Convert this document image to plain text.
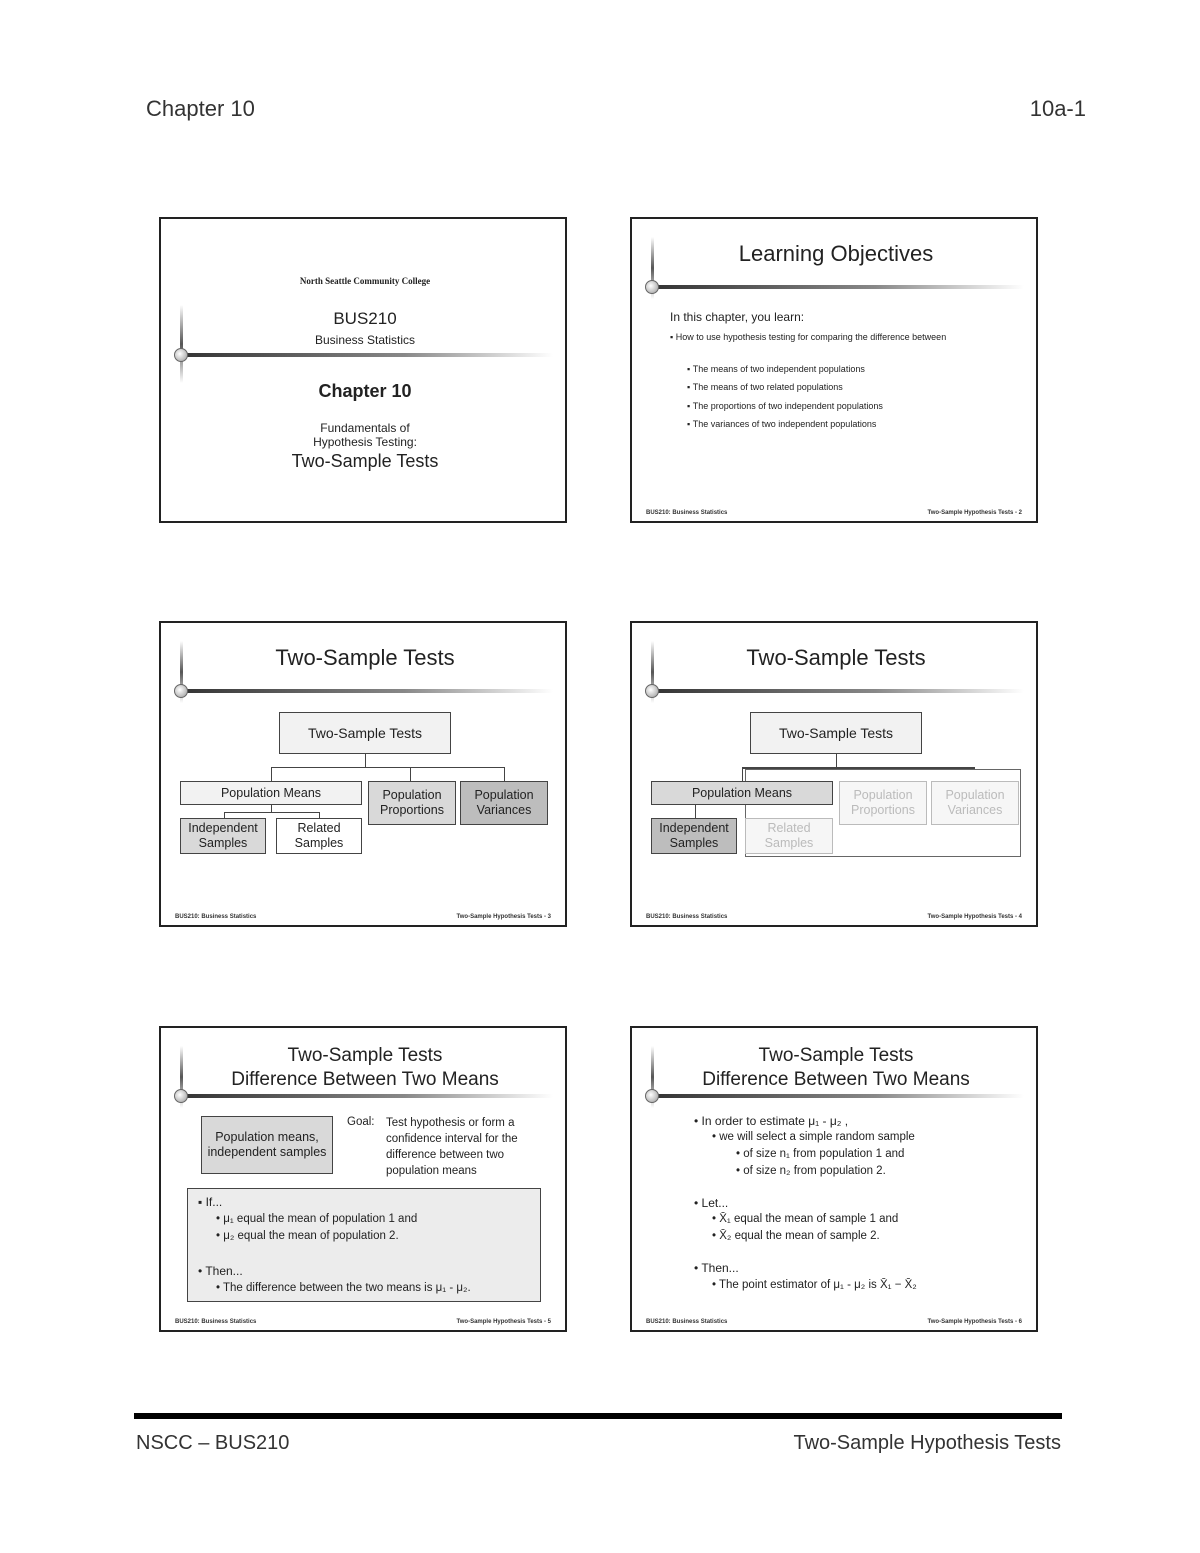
Chapter 10	10a-1
North Seattle Community College
BUS210
Business Statistics
Chapter 10
Fundamentals of
Hypothesis Testing:
Two-Sample Tests
Learning Objectives
In this chapter, you learn:
▪ How to use hypothesis testing for comparing the difference between
▪ The means of two independent populations
▪ The means of two related populations
▪ The proportions of two independent populations
▪ The variances of two independent populations
BUS210: Business Statistics	Two-Sample Hypothesis Tests - 2
Two-Sample Tests
Two-Sample Tests
Population Means	Population Proportions
Population Variances
Independent Samples
Related Samples
BUS210: Business Statistics	Two-Sample Hypothesis Tests - 3
Two-Sample Tests
Two-Sample Tests
Population Means	Population Proportions
Population Variances
Independent Samples
Related Samples
BUS210: Business Statistics	Two-Sample Hypothesis Tests - 4
Two-Sample Tests
Difference Between Two Means
Population means, independent samples
Goal: Test hypothesis or form a confidence interval for the difference between two population means
▪ If...
• μ₁ equal the mean of population 1 and
• μ₂ equal the mean of population 2.
• Then...
• The difference between the two means is μ₁ - μ₂.
BUS210: Business Statistics	Two-Sample Hypothesis Tests - 5
Two-Sample Tests
Difference Between Two Means
• In order to estimate μ₁ - μ₂ ,
• we will select a simple random sample
• of size n₁ from population 1 and
• of size n₂ from population 2.
• Let...
• X̄₁ equal the mean of sample 1 and
• X̄₂ equal the mean of sample 2.
• Then...
• The point estimator of μ₁ - μ₂ is X̄₁ − X̄₂
BUS210: Business Statistics	Two-Sample Hypothesis Tests - 6
NSCC – BUS210	Two-Sample Hypothesis Tests
